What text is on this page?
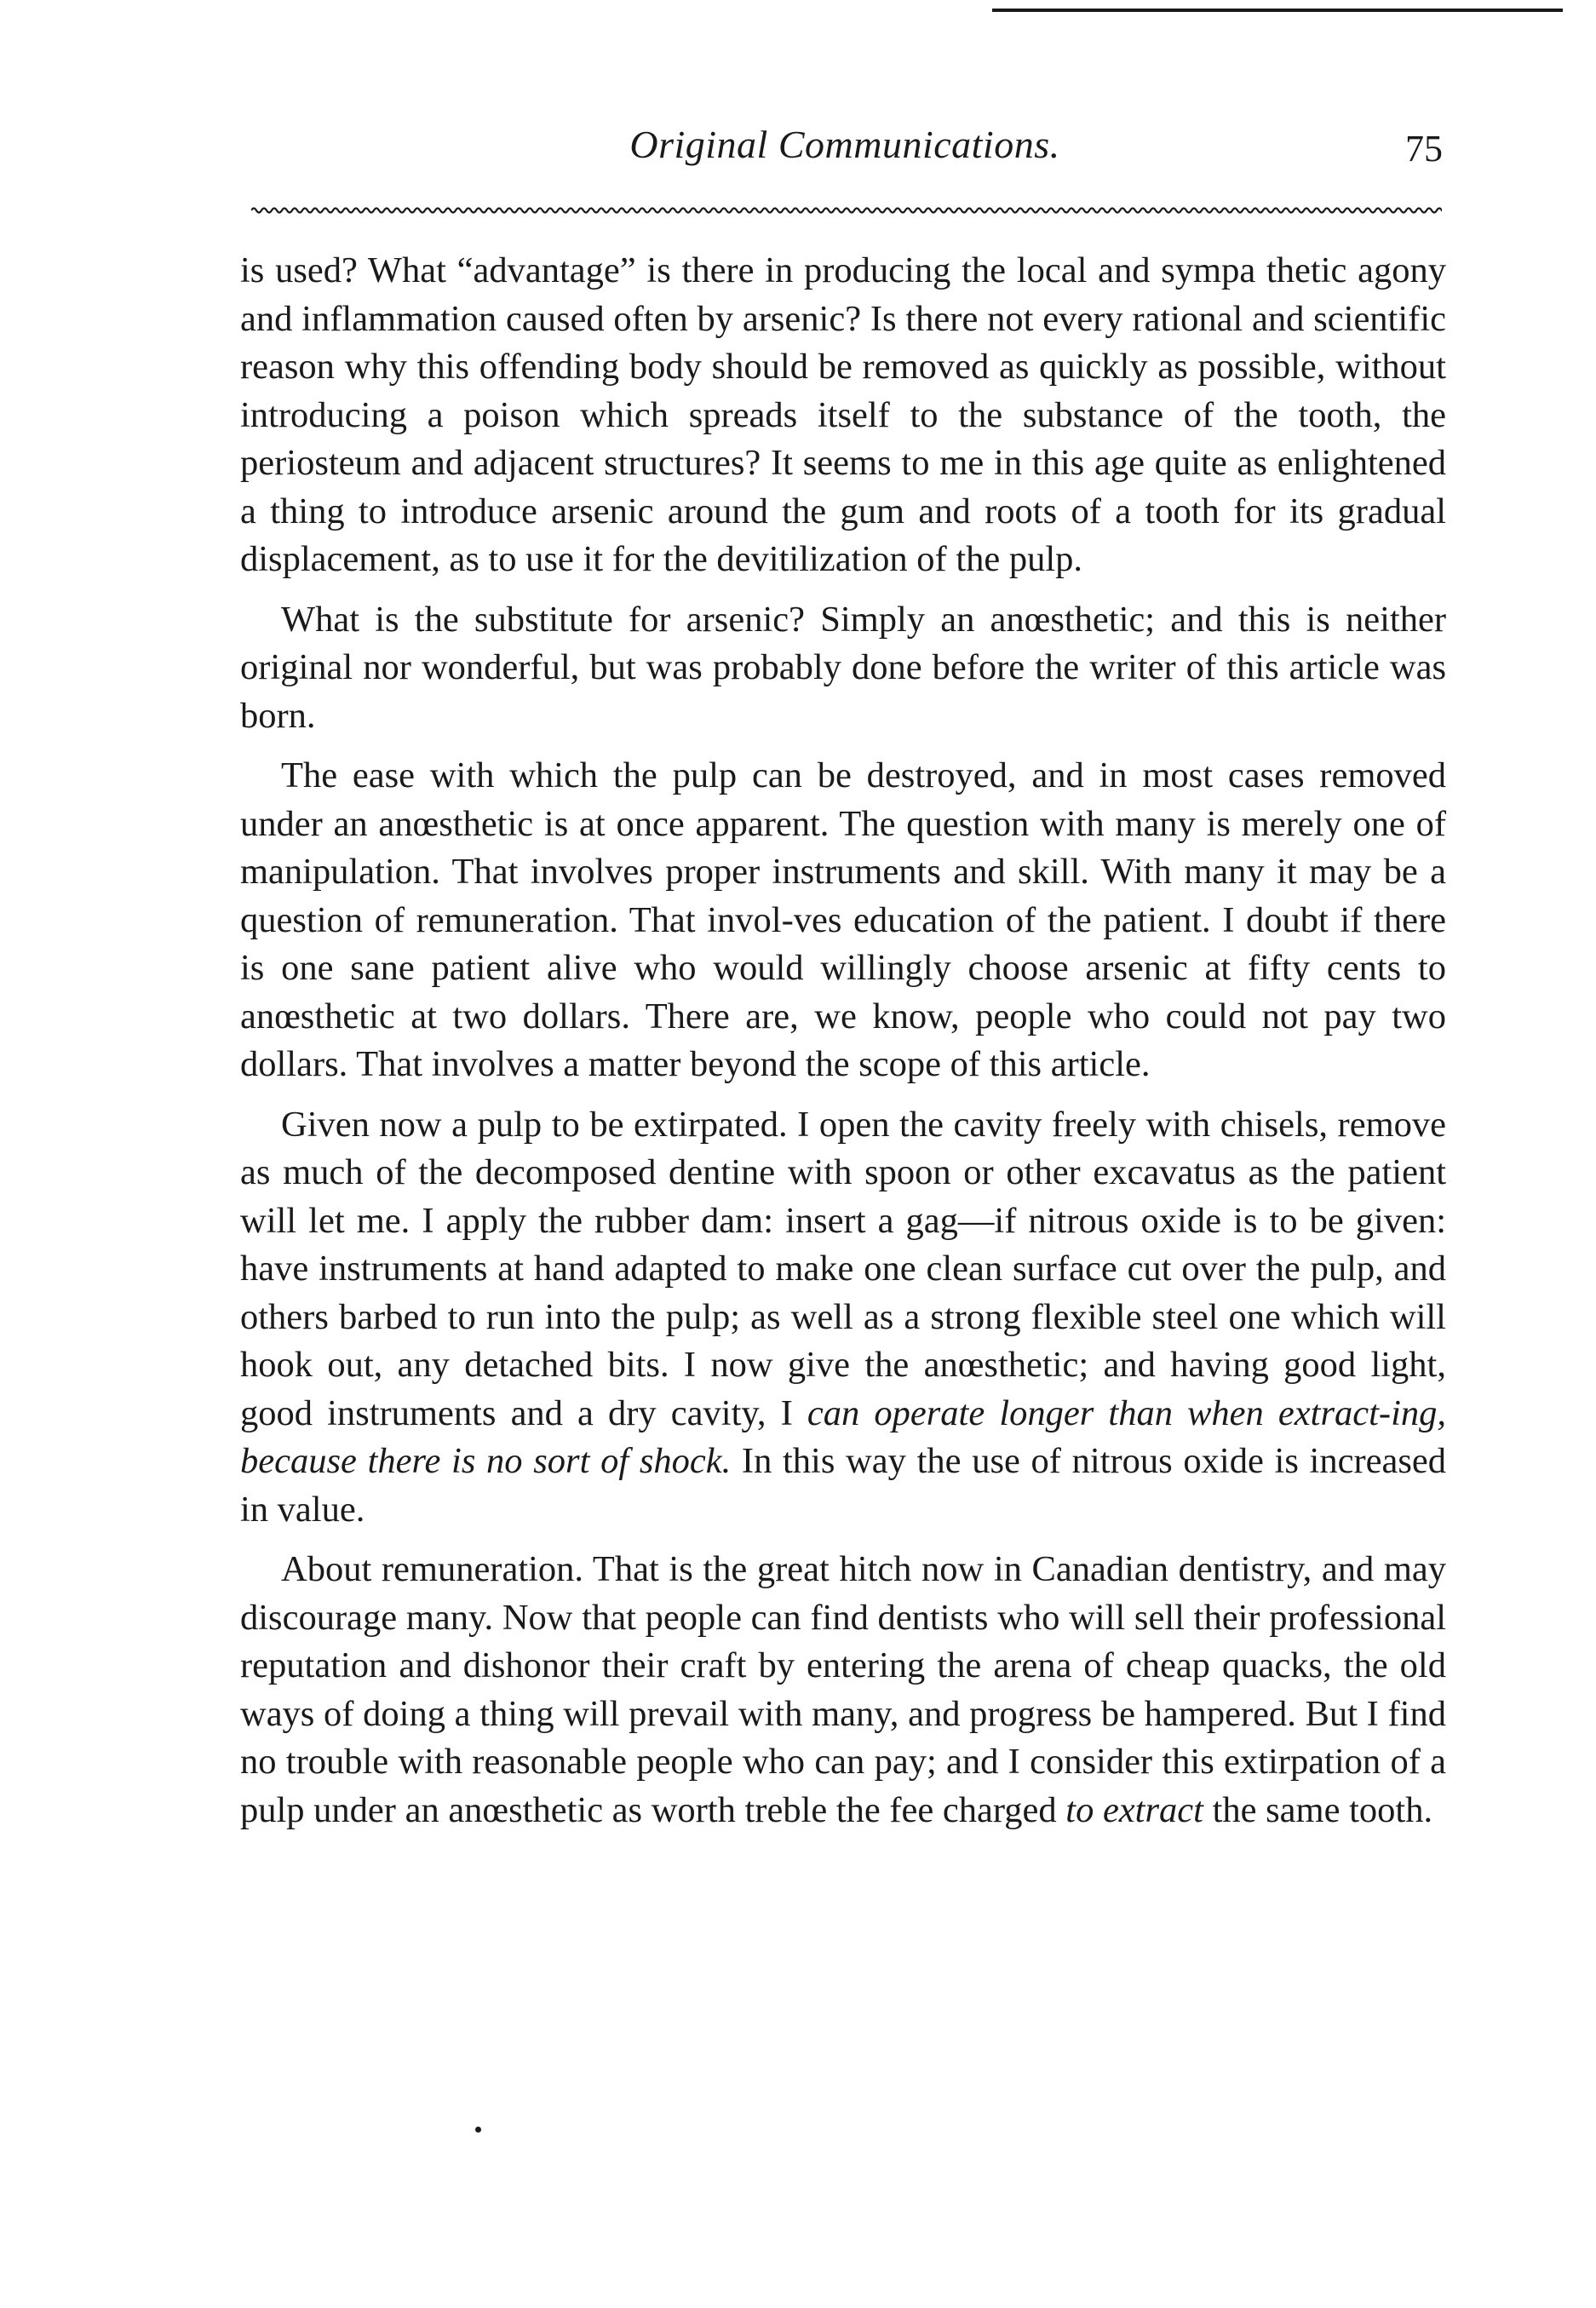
Original Communications.	75

is used? What “advantage” is there in producing the local and sympa thetic agony and inflammation caused often by arsenic? Is there not every rational and scientific reason why this offending body should be removed as quickly as possible, without introducing a poison which spreads itself to the substance of the tooth, the periosteum and adjacent structures? It seems to me in this age quite as enlightened a thing to introduce arsenic around the gum and roots of a tooth for its gradual displacement, as to use it for the devitilization of the pulp.

What is the substitute for arsenic? Simply an anœsthetic; and this is neither original nor wonderful, but was probably done before the writer of this article was born.

The ease with which the pulp can be destroyed, and in most cases removed under an anœsthetic is at once apparent. The question with many is merely one of manipulation. That involves proper instruments and skill. With many it may be a question of remuneration. That invol-ves education of the patient. I doubt if there is one sane patient alive who would willingly choose arsenic at fifty cents to anœsthetic at two dollars. There are, we know, people who could not pay two dollars. That involves a matter beyond the scope of this article.

Given now a pulp to be extirpated. I open the cavity freely with chisels, remove as much of the decomposed dentine with spoon or other excavatus as the patient will let me. I apply the rubber dam: insert a gag—if nitrous oxide is to be given: have instruments at hand adapted to make one clean surface cut over the pulp, and others barbed to run into the pulp; as well as a strong flexible steel one which will hook out, any detached bits. I now give the anœsthetic; and having good light, good instruments and a dry cavity, I can operate longer than when extract-ing, because there is no sort of shock. In this way the use of nitrous oxide is increased in value.

About remuneration. That is the great hitch now in Canadian dentistry, and may discourage many. Now that people can find dentists who will sell their professional reputation and dishonor their craft by entering the arena of cheap quacks, the old ways of doing a thing will prevail with many, and progress be hampered. But I find no trouble with reasonable people who can pay; and I consider this extirpation of a pulp under an anœsthetic as worth treble the fee charged to extract the same tooth.
